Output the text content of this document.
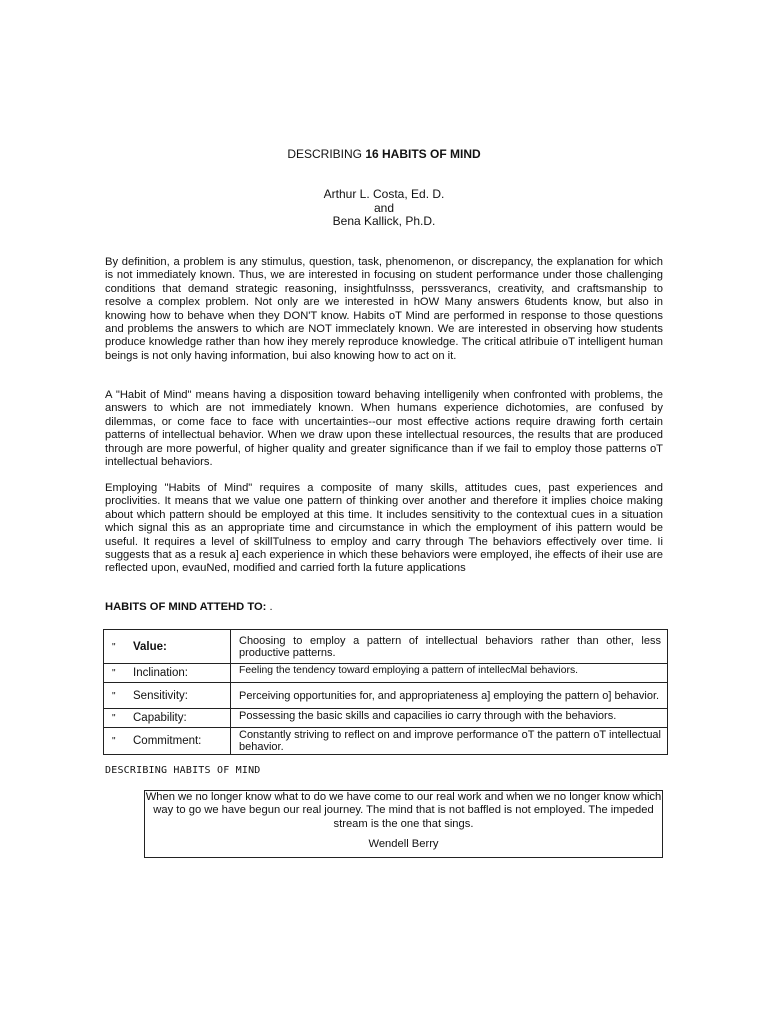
DESCRIBING 16 HABITS OF MIND
Arthur L. Costa, Ed. D.
and
Bena Kallick, Ph.D.

By definition, a problem is any stimulus, question, task, phenomenon, or discrepancy, the explanation for which is not immediately known. Thus, we are interested in focusing on student performance under those challenging conditions that demand strategic reasoning, insightfulnsss, perssverancs, creativity, and craftsmanship to resolve a complex problem. Not only are we interested in hOW Many answers 6tudents know, but also in knowing how to behave when they DON'T know. Habits oT Mind are performed in response to those questions and problems the answers to which are NOT immeclately known. We are interested in observing how students produce knowledge rather than how ihey merely reproduce knowledge. The critical atlribuie oT intelligent human beings is not only having information, bui also knowing how to act on it.

A "Habit of Mind" means having a disposition toward behaving intelligenily when confronted with problems, the answers to which are not immediately known. When humans experience dichotomies, are confused by dilemmas, or come face to face with uncertainties--our most effective actions require drawing forth certain patterns of intellectual behavior. When we draw upon these intellectual resources, the results that are produced through are more powerful, of higher quality and greater significance than if we fail to employ those patterns oT intellectual behaviors.

Employing "Habits of Mind" requires a composite of many skills, attitudes cues, past experiences and proclivities. It means that we value one pattern of thinking over another and therefore it implies choice making about which pattern should be employed at this time. It includes sensitivity to the contextual cues in a situation which signal this as an appropriate time and circumstance in which the employment of ihis pattern would be useful. It requires a level of skillTulness to employ and carry through The behaviors effectively over time. Ii suggests that as a resuk a] each experience in which these behaviors were employed, ihe effects of iheir use are reflected upon, evauNed, modified and carried forth la future applications

HABITS OF MIND ATTEHD TO: .
" Value:	Choosing to employ a pattern of intellectual behaviors rather than other, less productive patterns.
" Inclination:	Feeling the tendency toward employing a pattern of intellecMal behaviors.
" Sensitivity:	Perceiving opportunities for, and appropriateness a] employing the pattern o] behavior.
" Capability:	Possessing the basic skills and capacilies io carry through with the behaviors.
" Commitment:	Constantly striving to reflect on and improve performance oT the pattern oT intellectual behavior.
DESCRIBING HABITS OF MIND
When we no longer know what to do we have come to our real work and when we no longer know which way to go we have begun our real journey. The mind that is not baffled is not employed. The impeded stream is the one that sings.
Wendell Berry
